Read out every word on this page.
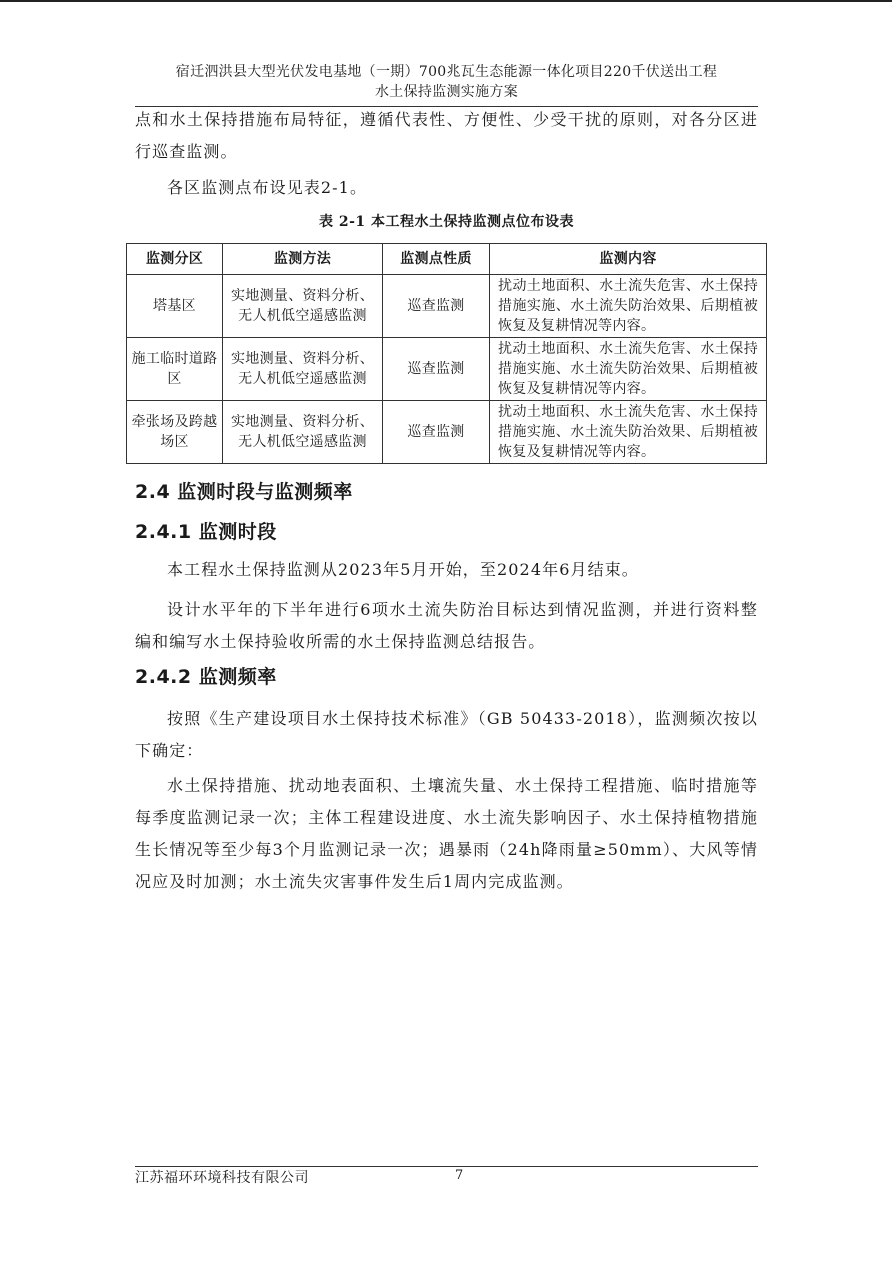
宿迁泗洪县大型光伏发电基地（一期）700兆瓦生态能源一体化项目220千伏送出工程
水土保持监测实施方案
点和水土保持措施布局特征，遵循代表性、方便性、少受干扰的原则，对各分区进行巡查监测。
各区监测点布设见表2-1。
表 2-1 本工程水土保持监测点位布设表
监测分区	监测方法	监测点性质	监测内容
塔基区	实地测量、资料分析、无人机低空遥感监测	巡查监测	扰动土地面积、水土流失危害、水土保持措施实施、水土流失防治效果、后期植被恢复及复耕情况等内容。
施工临时道路区	实地测量、资料分析、无人机低空遥感监测	巡查监测	扰动土地面积、水土流失危害、水土保持措施实施、水土流失防治效果、后期植被恢复及复耕情况等内容。
牵张场及跨越场区	实地测量、资料分析、无人机低空遥感监测	巡查监测	扰动土地面积、水土流失危害、水土保持措施实施、水土流失防治效果、后期植被恢复及复耕情况等内容。
2.4 监测时段与监测频率
2.4.1 监测时段
本工程水土保持监测从2023年5月开始，至2024年6月结束。
设计水平年的下半年进行6项水土流失防治目标达到情况监测，并进行资料整编和编写水土保持验收所需的水土保持监测总结报告。
2.4.2 监测频率
按照《生产建设项目水土保持技术标准》（GB 50433-2018），监测频次按以下确定：
水土保持措施、扰动地表面积、土壤流失量、水土保持工程措施、临时措施等每季度监测记录一次；主体工程建设进度、水土流失影响因子、水土保持植物措施生长情况等至少每3个月监测记录一次；遇暴雨（24h降雨量≥50mm）、大风等情况应及时加测；水土流失灾害事件发生后1周内完成监测。
江苏福环环境科技有限公司	7
